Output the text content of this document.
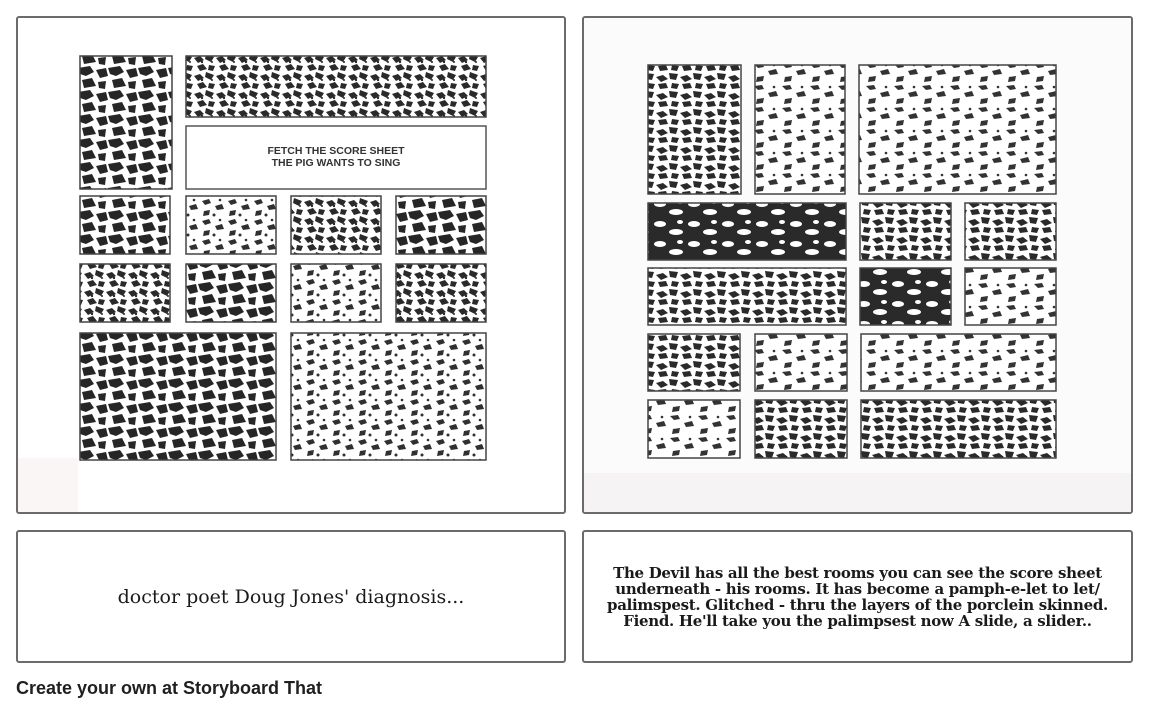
FETCH THE SCORE SHEET
THE PIG WANTS TO SING
doctor poet Doug Jones' diagnosis...
The Devil has all the best rooms you can see the score sheet underneath - his rooms. It has become a pamph-e-let to let/ palimspest. Glitched - thru the layers of the porclein skinned. Fiend. He'll take you the palimpsest now A slide, a slider..
Create your own at Storyboard That
